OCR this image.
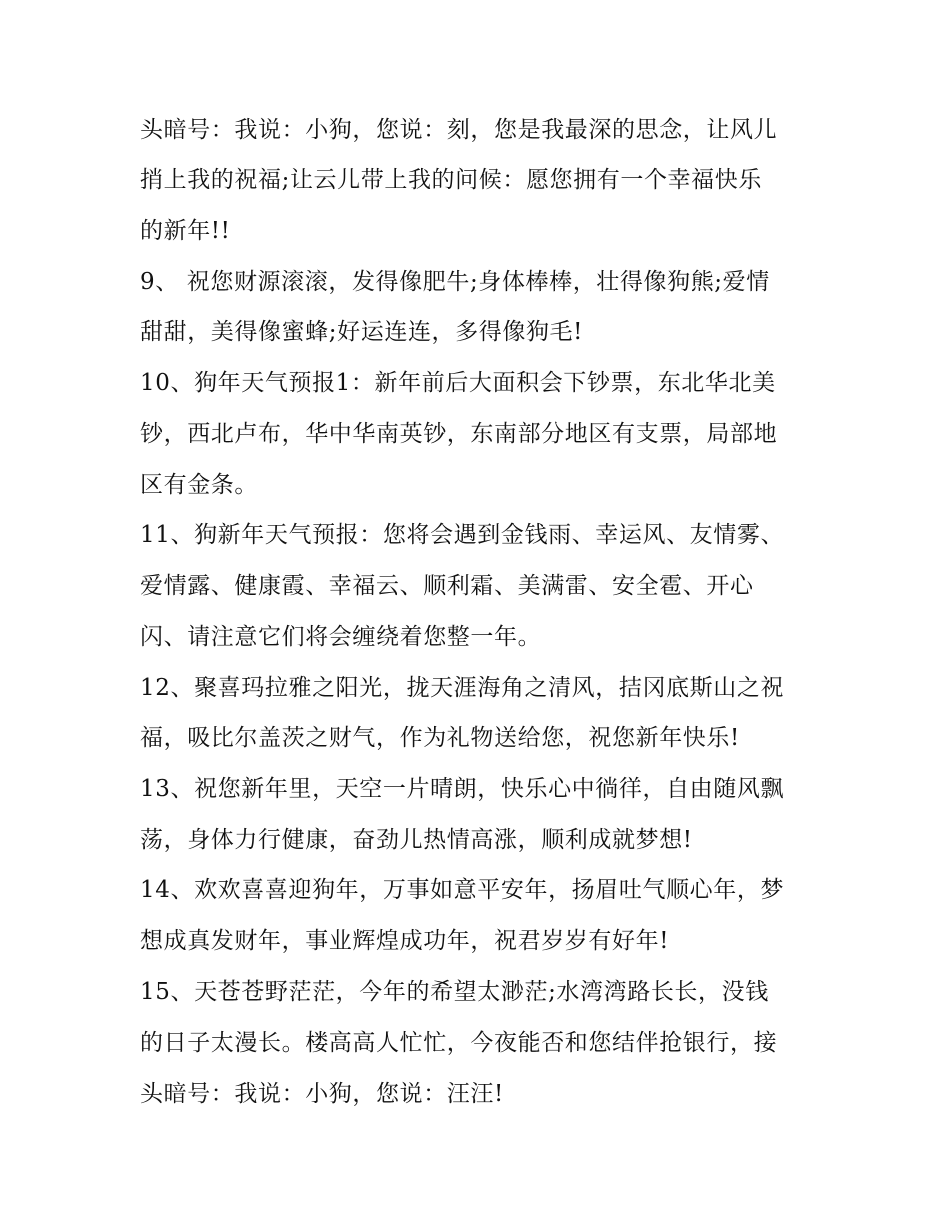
头暗号：我说：小狗，您说：刻，您是我最深的思念，让风儿
捎上我的祝福;让云儿带上我的问候：愿您拥有一个幸福快乐
的新年!!
9、 祝您财源滚滚，发得像肥牛;身体棒棒，壮得像狗熊;爱情
甜甜，美得像蜜蜂;好运连连，多得像狗毛!
10、狗年天气预报1：新年前后大面积会下钞票，东北华北美
钞，西北卢布，华中华南英钞，东南部分地区有支票，局部地
区有金条。
11、狗新年天气预报：您将会遇到金钱雨、幸运风、友情雾、
爱情露、健康霞、幸福云、顺利霜、美满雷、安全雹、开心
闪、请注意它们将会缠绕着您整一年。
12、聚喜玛拉雅之阳光，拢天涯海角之清风，拮冈底斯山之祝
福，吸比尔盖茨之财气，作为礼物送给您，祝您新年快乐!
13、祝您新年里，天空一片晴朗，快乐心中徜徉，自由随风飘
荡，身体力行健康，奋劲儿热情高涨，顺利成就梦想!
14、欢欢喜喜迎狗年，万事如意平安年，扬眉吐气顺心年，梦
想成真发财年，事业辉煌成功年，祝君岁岁有好年!
15、天苍苍野茫茫，今年的希望太渺茫;水湾湾路长长，没钱
的日子太漫长。楼高高人忙忙，今夜能否和您结伴抢银行，接
头暗号：我说：小狗，您说：汪汪!
